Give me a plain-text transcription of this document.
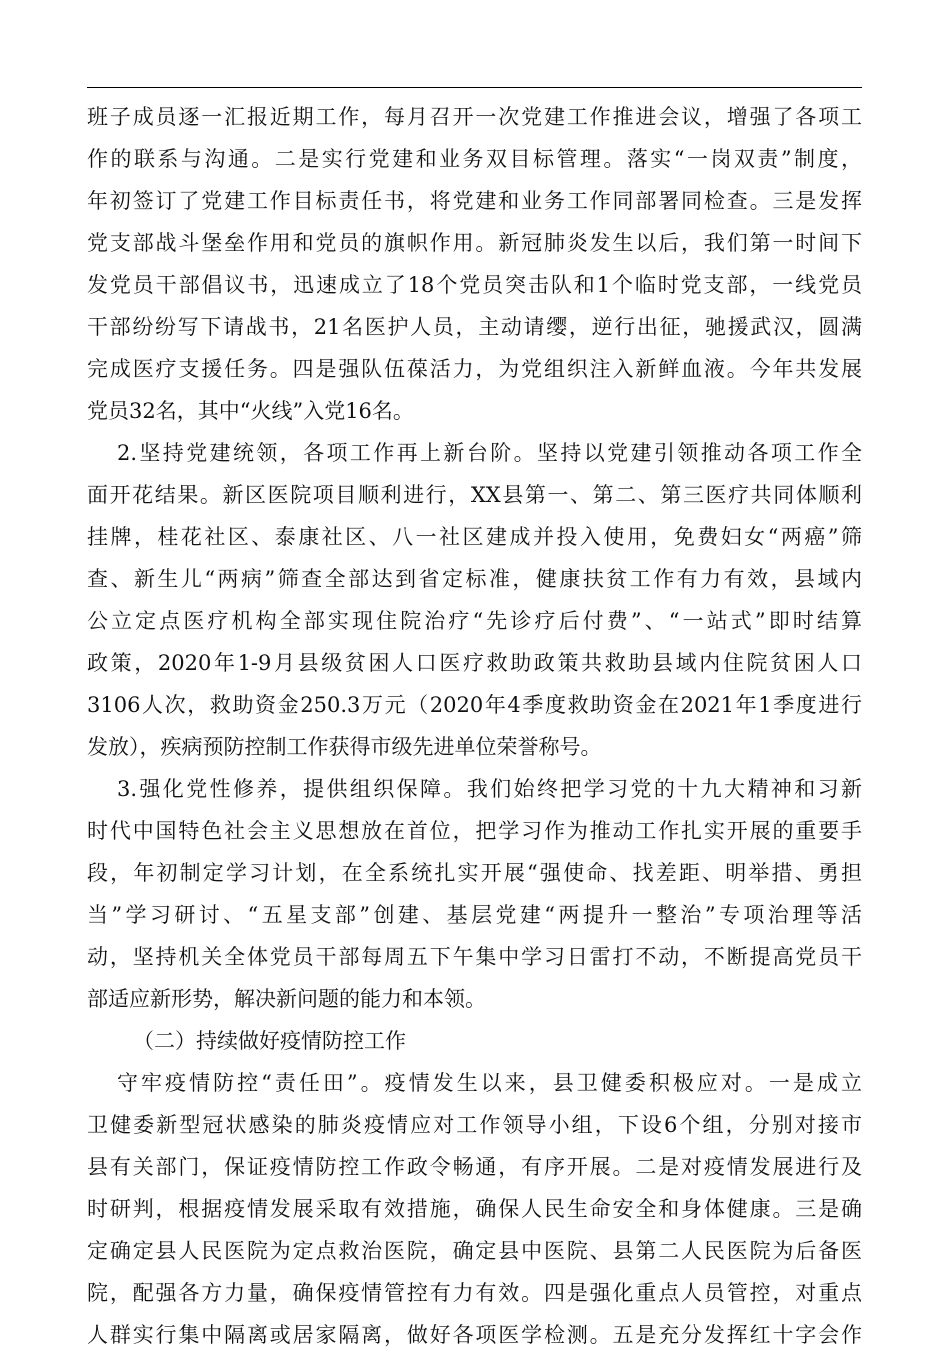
班子成员逐一汇报近期工作，每月召开一次党建工作推进会议，增强了各项工
作的联系与沟通。二是实行党建和业务双目标管理。落实“一岗双责”制度，
年初签订了党建工作目标责任书，将党建和业务工作同部署同检查。三是发挥
党支部战斗堡垒作用和党员的旗帜作用。新冠肺炎发生以后，我们第一时间下
发党员干部倡议书，迅速成立了18个党员突击队和1个临时党支部，一线党员
干部纷纷写下请战书，21名医护人员，主动请缨，逆行出征，驰援武汉，圆满
完成医疗支援任务。四是强队伍葆活力，为党组织注入新鲜血液。今年共发展
党员32名，其中“火线”入党16名。
2.坚持党建统领，各项工作再上新台阶。坚持以党建引领推动各项工作全
面开花结果。新区医院项目顺利进行，XX县第一、第二、第三医疗共同体顺利
挂牌，桂花社区、泰康社区、八一社区建成并投入使用，免费妇女“两癌”筛
查、新生儿“两病”筛查全部达到省定标准，健康扶贫工作有力有效，县域内
公立定点医疗机构全部实现住院治疗“先诊疗后付费”、“一站式”即时结算
政策，2020年1-9月县级贫困人口医疗救助政策共救助县域内住院贫困人口
3106人次，救助资金250.3万元（2020年4季度救助资金在2021年1季度进行
发放），疾病预防控制工作获得市级先进单位荣誉称号。
3.强化党性修养，提供组织保障。我们始终把学习党的十九大精神和习新
时代中国特色社会主义思想放在首位，把学习作为推动工作扎实开展的重要手
段，年初制定学习计划，在全系统扎实开展“强使命、找差距、明举措、勇担
当”学习研讨、“五星支部”创建、基层党建“两提升一整治”专项治理等活
动，坚持机关全体党员干部每周五下午集中学习日雷打不动，不断提高党员干
部适应新形势，解决新问题的能力和本领。
（二）持续做好疫情防控工作
守牢疫情防控“责任田”。疫情发生以来，县卫健委积极应对。一是成立
卫健委新型冠状感染的肺炎疫情应对工作领导小组，下设6个组，分别对接市
县有关部门，保证疫情防控工作政令畅通，有序开展。二是对疫情发展进行及
时研判，根据疫情发展采取有效措施，确保人民生命安全和身体健康。三是确
定确定县人民医院为定点救治医院，确定县中医院、县第二人民医院为后备医
院，配强各方力量，确保疫情管控有力有效。四是强化重点人员管控，对重点
人群实行集中隔离或居家隔离，做好各项医学检测。五是充分发挥红十字会作
